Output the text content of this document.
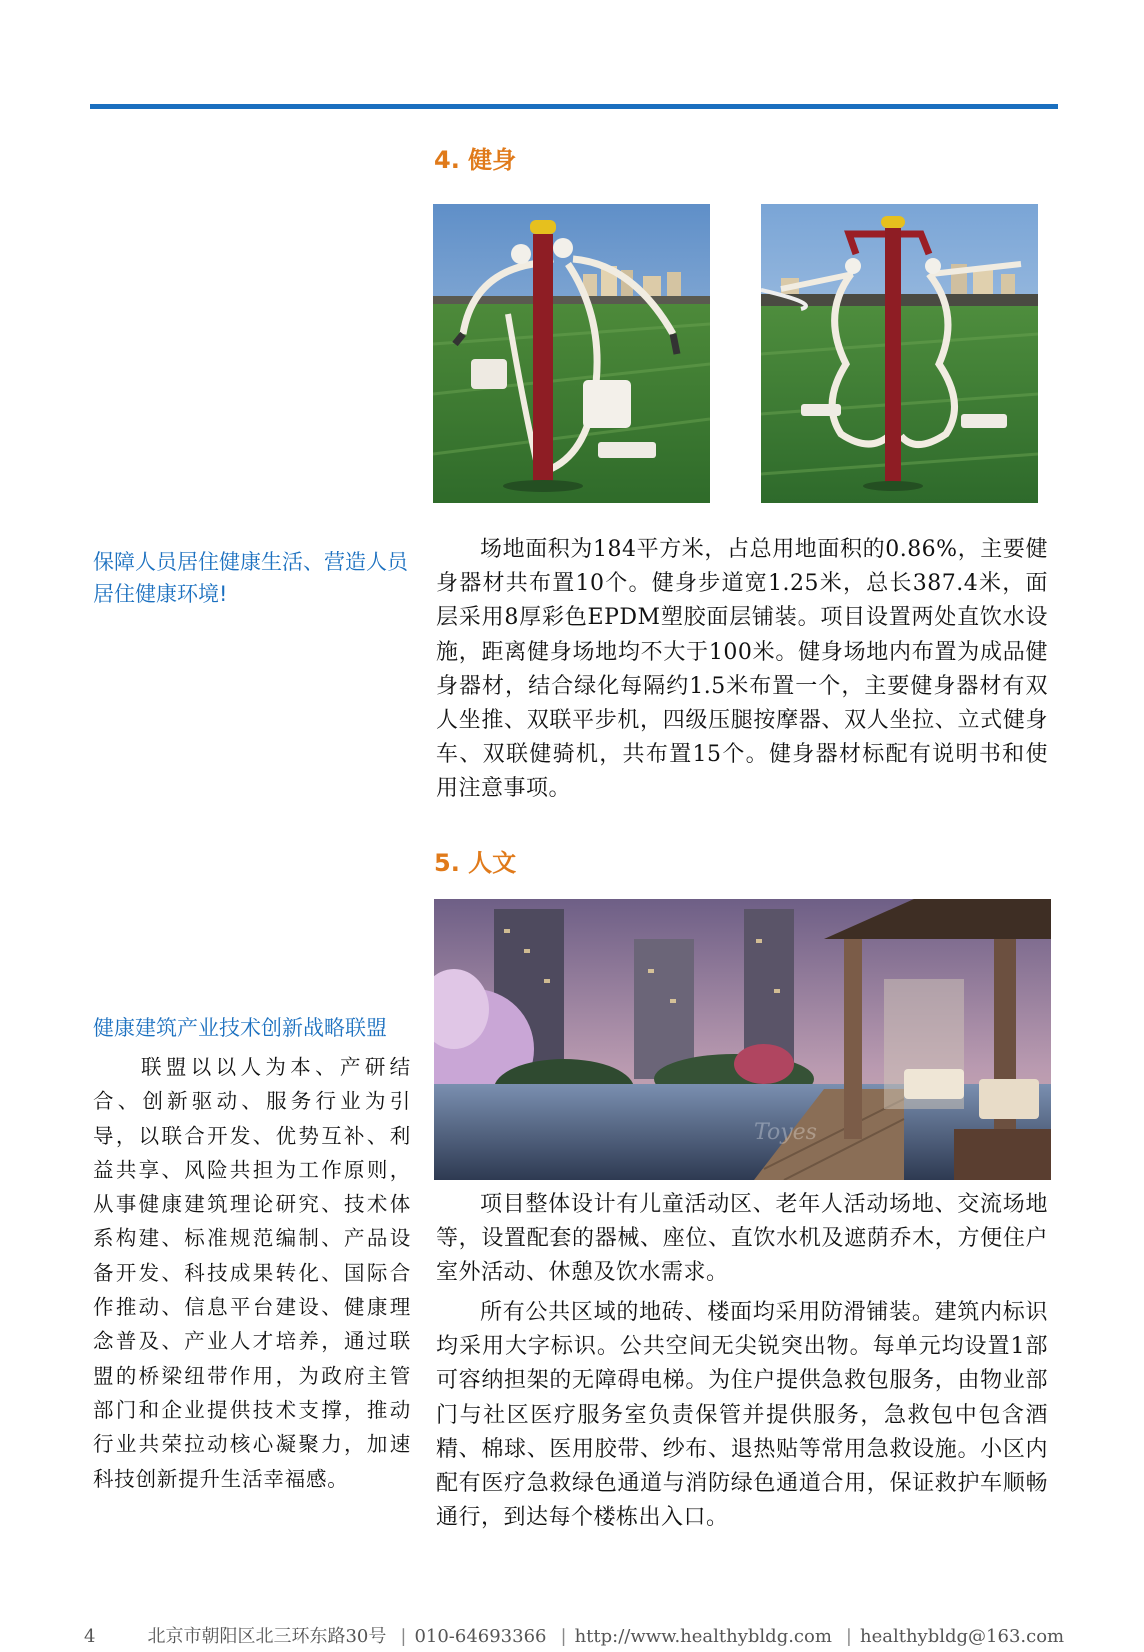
4. 健身

场地面积为184平方米，占总用地面积的0.86%，主要健身器材共布置10个。健身步道宽1.25米，总长387.4米，面层采用8厚彩色EPDM塑胶面层铺装。项目设置两处直饮水设施，距离健身场地均不大于100米。健身场地内布置为成品健身器材，结合绿化每隔约1.5米布置一个，主要健身器材有双人坐推、双联平步机，四级压腿按摩器、双人坐拉、立式健身车、双联健骑机，共布置15个。健身器材标配有说明书和使用注意事项。

5. 人文
Toyes

项目整体设计有儿童活动区、老年人活动场地、交流场地等，设置配套的器械、座位、直饮水机及遮荫乔木，方便住户室外活动、休憩及饮水需求。

所有公共区域的地砖、楼面均采用防滑铺装。建筑内标识均采用大字标识。公共空间无尖锐突出物。每单元均设置1部可容纳担架的无障碍电梯。为住户提供急救包服务，由物业部门与社区医疗服务室负责保管并提供服务，急救包中包含酒精、棉球、医用胶带、纱布、退热贴等常用急救设施。小区内配有医疗急救绿色通道与消防绿色通道合用，保证救护车顺畅通行，到达每个楼栋出入口。

保障人员居住健康生活、营造人员居住健康环境!

健康建筑产业技术创新战略联盟

联盟以以人为本、产研结合、创新驱动、服务行业为引导，以联合开发、优势互补、利益共享、风险共担为工作原则，从事健康建筑理论研究、技术体系构建、标准规范编制、产品设备开发、科技成果转化、国际合作推动、信息平台建设、健康理念普及、产业人才培养，通过联盟的桥梁纽带作用，为政府主管部门和企业提供技术支撑，推动行业共荣拉动核心凝聚力，加速科技创新提升生活幸福感。

4	北京市朝阳区北三环东路30号 | 010-64693366 | http://www.healthybldg.com | healthybldg@163.com
